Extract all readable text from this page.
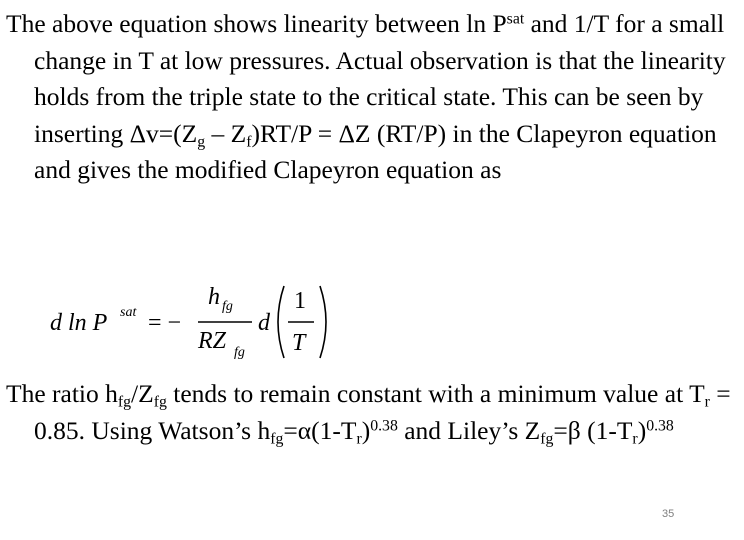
The above equation shows linearity between $\ln P^{sat}$ and 1/T for a small change in T at low pressures. Actual observation is that the linearity holds from the triple state to the critical state. This can be seen by inserting $\Delta v=(Z_g - Z_f)RT/P = \Delta Z$ (RT/P) in the Clapeyron equation and gives the modified Clapeyron equation as

d ln P sat = −
h fg
RZ fg
d
1
T

The ratio $h_{fg}/Z_{fg}$ tends to remain constant with a minimum value at $T_r = 0.85$. Using Watson’s $h_{fg}=\alpha(1-T_r)^{0.38}$ and Liley’s $Z_{fg}=\beta$ $(1-T_r)^{0.38}$

35
